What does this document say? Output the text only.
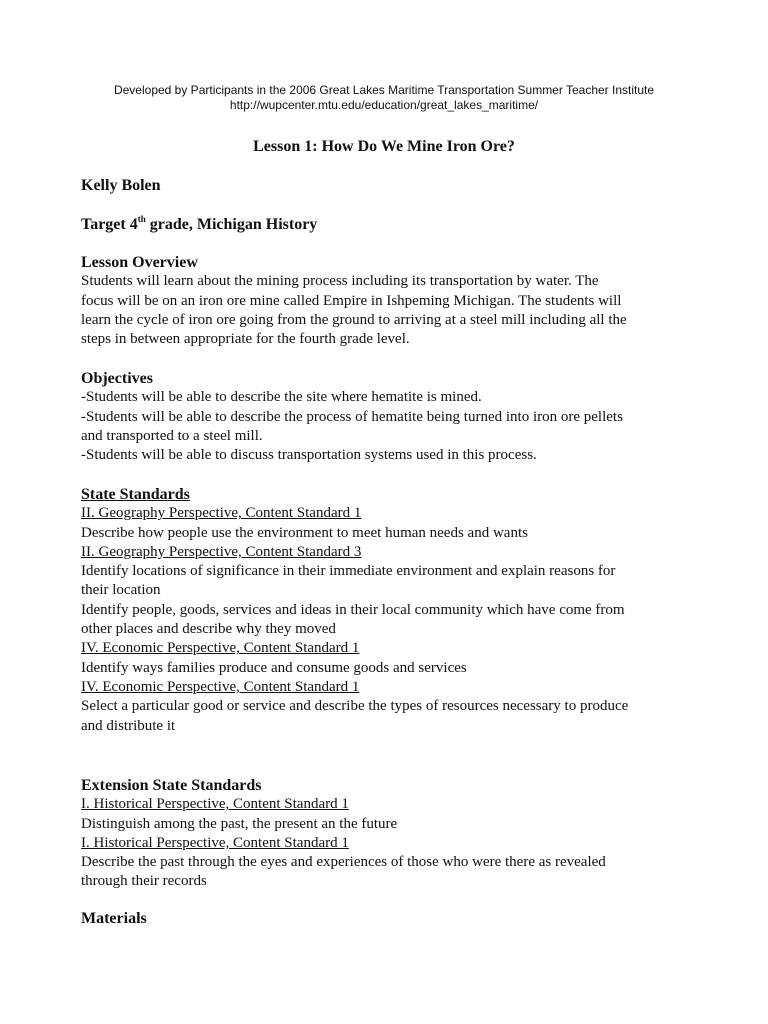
Developed by Participants in the 2006 Great Lakes Maritime Transportation Summer Teacher Institute
http://wupcenter.mtu.edu/education/great_lakes_maritime/
Lesson 1: How Do We Mine Iron Ore?
Kelly Bolen
Target 4th grade, Michigan History
Lesson Overview
Students will learn about the mining process including its transportation by water. The
focus will be on an iron ore mine called Empire in Ishpeming Michigan. The students will
learn the cycle of iron ore going from the ground to arriving at a steel mill including all the
steps in between appropriate for the fourth grade level.
Objectives
-Students will be able to describe the site where hematite is mined.
-Students will be able to describe the process of hematite being turned into iron ore pellets
and transported to a steel mill.
-Students will be able to discuss transportation systems used in this process.
State Standards
II. Geography Perspective, Content Standard 1
Describe how people use the environment to meet human needs and wants
II. Geography Perspective, Content Standard 3
Identify locations of significance in their immediate environment and explain reasons for
their location
Identify people, goods, services and ideas in their local community which have come from
other places and describe why they moved
IV. Economic Perspective, Content Standard 1
Identify ways families produce and consume goods and services
IV. Economic Perspective, Content Standard 1
Select a particular good or service and describe the types of resources necessary to produce
and distribute it
Extension State Standards
I. Historical Perspective, Content Standard 1
Distinguish among the past, the present an the future
I. Historical Perspective, Content Standard 1
Describe the past through the eyes and experiences of those who were there as revealed
through their records
Materials
